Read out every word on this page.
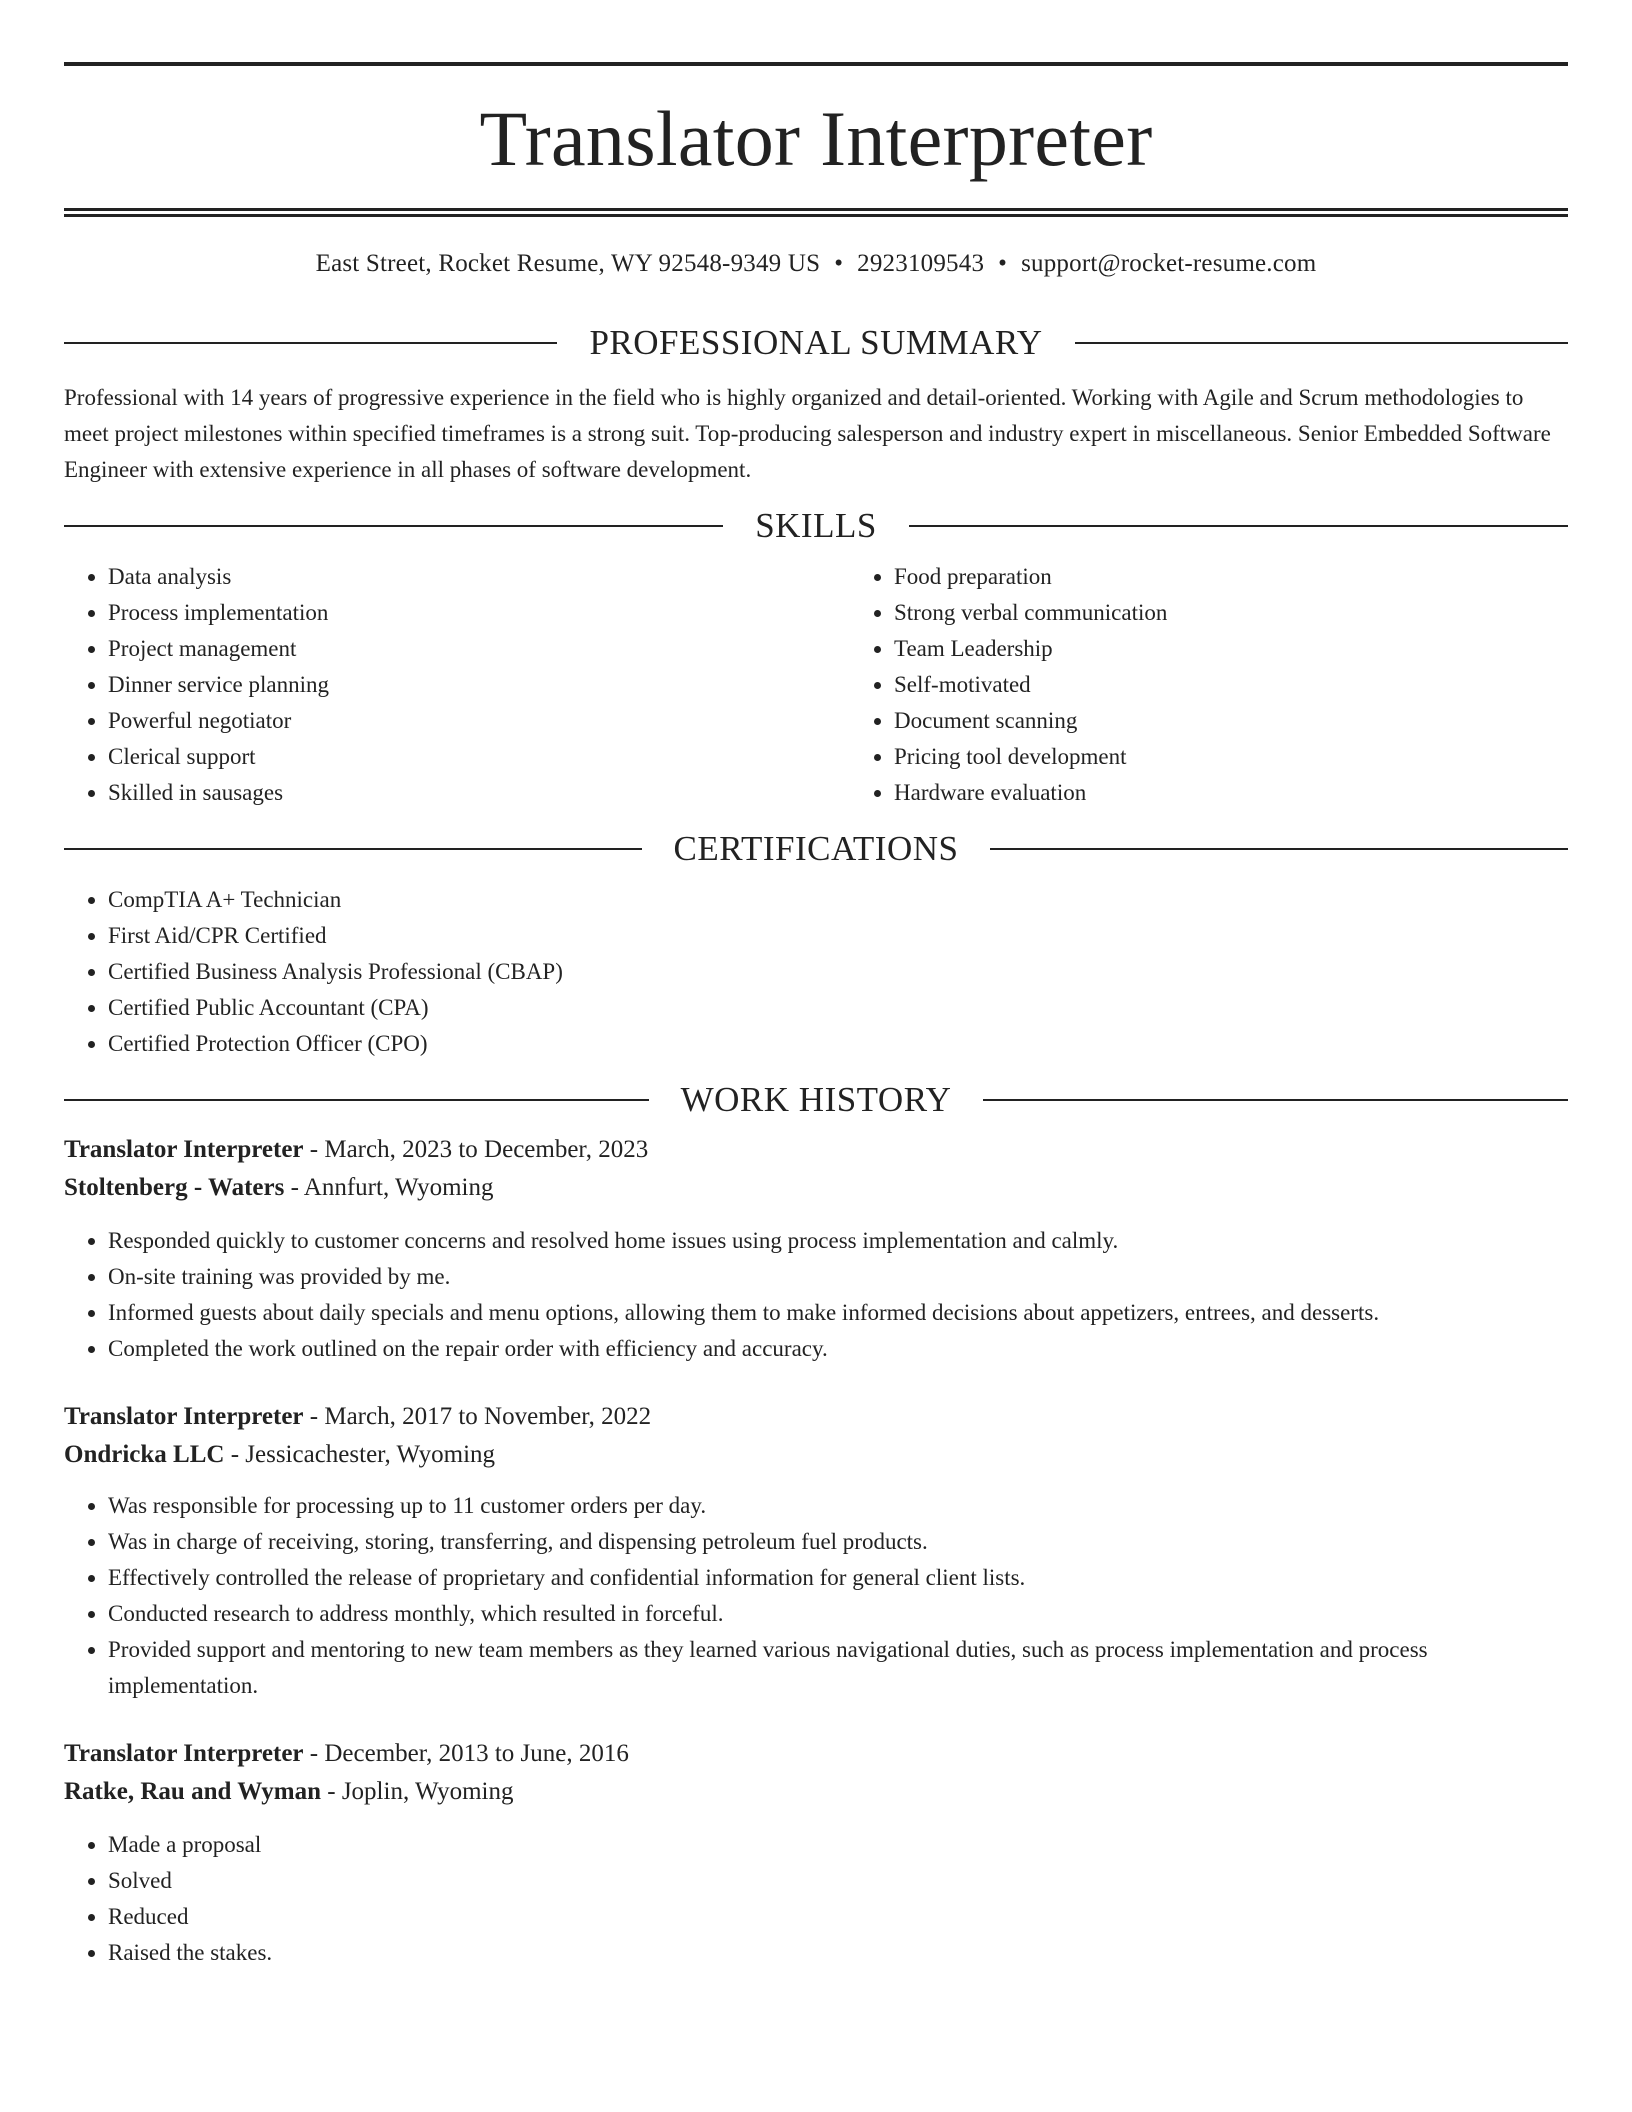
Translator Interpreter
East Street, Rocket Resume, WY 92548-9349 US • 2923109543 • support@rocket-resume.com
PROFESSIONAL SUMMARY

Professional with 14 years of progressive experience in the field who is highly organized and detail-oriented. Working with Agile and Scrum methodologies to meet project milestones within specified timeframes is a strong suit. Top-producing salesperson and industry expert in miscellaneous. Senior Embedded Software Engineer with extensive experience in all phases of software development.

SKILLS
• Data analysis
• Process implementation
• Project management
• Dinner service planning
• Powerful negotiator
• Clerical support
• Skilled in sausages
• Food preparation
• Strong verbal communication
• Team Leadership
• Self-motivated
• Document scanning
• Pricing tool development
• Hardware evaluation
CERTIFICATIONS
• CompTIA A+ Technician
• First Aid/CPR Certified
• Certified Business Analysis Professional (CBAP)
• Certified Public Accountant (CPA)
• Certified Protection Officer (CPO)
WORK HISTORY
Translator Interpreter - March, 2023 to December, 2023
Stoltenberg - Waters - Annfurt, Wyoming
• Responded quickly to customer concerns and resolved home issues using process implementation and calmly.
• On-site training was provided by me.
• Informed guests about daily specials and menu options, allowing them to make informed decisions about appetizers, entrees, and desserts.
• Completed the work outlined on the repair order with efficiency and accuracy.
Translator Interpreter - March, 2017 to November, 2022
Ondricka LLC - Jessicachester, Wyoming
• Was responsible for processing up to 11 customer orders per day.
• Was in charge of receiving, storing, transferring, and dispensing petroleum fuel products.
• Effectively controlled the release of proprietary and confidential information for general client lists.
• Conducted research to address monthly, which resulted in forceful.
• Provided support and mentoring to new team members as they learned various navigational duties, such as process implementation and process implementation.
Translator Interpreter - December, 2013 to June, 2016
Ratke, Rau and Wyman - Joplin, Wyoming
• Made a proposal
• Solved
• Reduced
• Raised the stakes.
